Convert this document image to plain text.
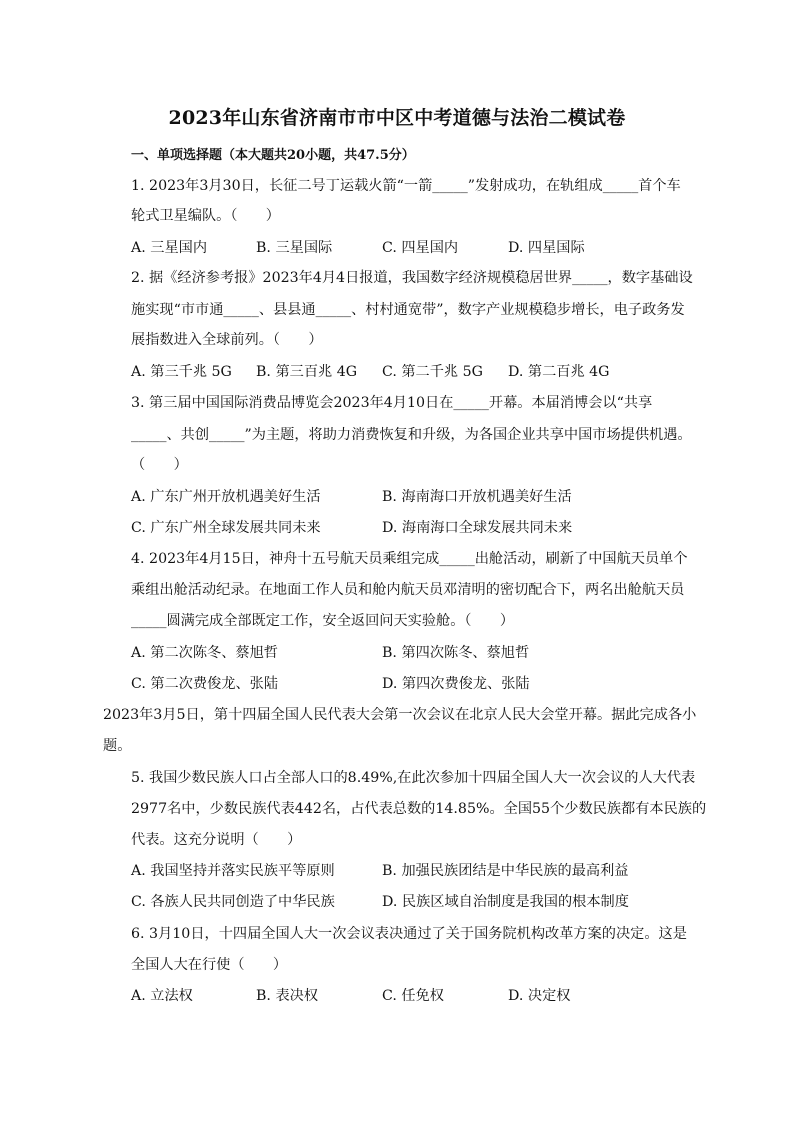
2023年山东省济南市市中区中考道德与法治二模试卷
一、单项选择题（本大题共20小题，共47.5分）
1. 2023年3月30日，长征二号丁运载火箭“一箭_____”发射成功，在轨组成_____首个车
轮式卫星编队。（　　）
A. 三星国内	B. 三星国际	C. 四星国内	D. 四星国际
2. 据《经济参考报》2023年4月4日报道，我国数字经济规模稳居世界_____，数字基础设
施实现“市市通_____、县县通_____、村村通宽带”，数字产业规模稳步增长，电子政务发
展指数进入全球前列。（　　）
A. 第三千兆 5G B. 第三百兆 4G C. 第二千兆 5G D. 第二百兆 4G
3. 第三届中国国际消费品博览会2023年4月10日在_____开幕。本届消博会以“共享
_____、共创_____”为主题，将助力消费恢复和升级，为各国企业共享中国市场提供机遇。
（　　）
A. 广东广州开放机遇美好生活	B. 海南海口开放机遇美好生活
C. 广东广州全球发展共同未来	D. 海南海口全球发展共同未来
4. 2023年4月15日，神舟十五号航天员乘组完成_____出舱活动，刷新了中国航天员单个
乘组出舱活动纪录。在地面工作人员和舱内航天员邓清明的密切配合下，两名出舱航天员
_____圆满完成全部既定工作，安全返回问天实验舱。（　　）
A. 第二次陈冬、蔡旭哲	B. 第四次陈冬、蔡旭哲
C. 第二次费俊龙、张陆	D. 第四次费俊龙、张陆
2023年3月5日，第十四届全国人民代表大会第一次会议在北京人民大会堂开幕。据此完成各小
题。
5. 我国少数民族人口占全部人口的8.49%,在此次参加十四届全国人大一次会议的人大代表
2977名中，少数民族代表442名，占代表总数的14.85%。全国55个少数民族都有本民族的
代表。这充分说明（　　）
A. 我国坚持并落实民族平等原则	B. 加强民族团结是中华民族的最高利益
C. 各族人民共同创造了中华民族	D. 民族区域自治制度是我国的根本制度
6. 3月10日，十四届全国人大一次会议表决通过了关于国务院机构改革方案的决定。这是
全国人大在行使（　　）
A. 立法权	B. 表决权	C. 任免权	D. 决定权
